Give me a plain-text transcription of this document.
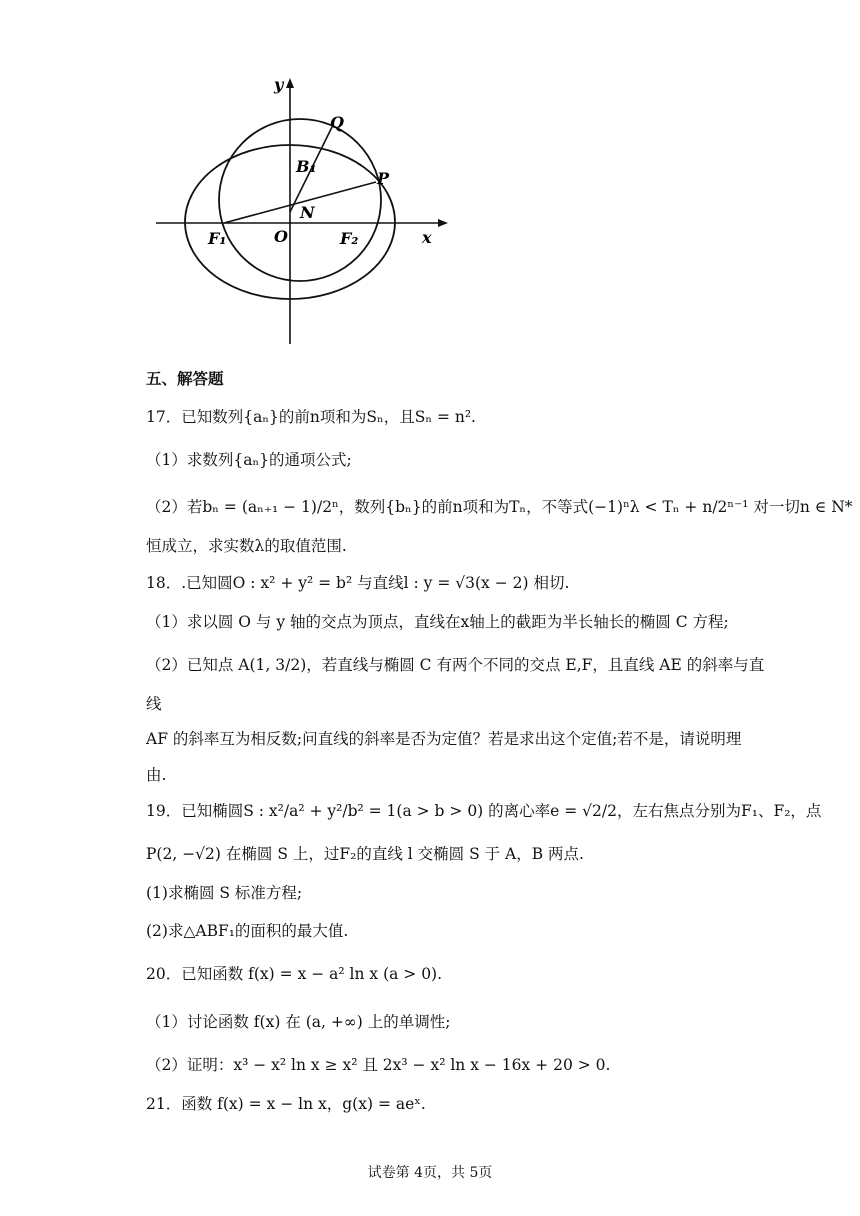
y
x
Q
B₁
P
N
O
F₁	F₂
五、解答题
17．已知数列{aₙ}的前n项和为Sₙ，且Sₙ = n².
（1）求数列{aₙ}的通项公式;
（2）若bₙ = (aₙ₊₁ − 1)/2ⁿ，数列{bₙ}的前n项和为Tₙ，不等式(−1)ⁿλ < Tₙ + n/2ⁿ⁻¹ 对一切n ∈ N*
恒成立，求实数λ的取值范围.
18．.已知圆O : x² + y² = b² 与直线l : y = √3(x − 2) 相切.
（1）求以圆 O 与 y 轴的交点为顶点，直线在x轴上的截距为半长轴长的椭圆 C 方程;
（2）已知点 A(1, 3/2)，若直线与椭圆 C 有两个不同的交点 E,F，且直线 AE 的斜率与直
线
AF 的斜率互为相反数;问直线的斜率是否为定值？若是求出这个定值;若不是，请说明理
由.
19．已知椭圆S : x²/a² + y²/b² = 1(a > b > 0) 的离心率e = √2/2，左右焦点分别为F₁、F₂，点
P(2, −√2) 在椭圆 S 上，过F₂的直线 l 交椭圆 S 于 A，B 两点.
(1)求椭圆 S 标准方程;
(2)求△ABF₁的面积的最大值.
20．已知函数 f(x) = x − a² ln x (a > 0).
（1）讨论函数 f(x) 在 (a, +∞) 上的单调性;
（2）证明：x³ − x² ln x ≥ x² 且 2x³ − x² ln x − 16x + 20 > 0.
21．函数 f(x) = x − ln x，g(x) = aeˣ.
试卷第 4页，共 5页
